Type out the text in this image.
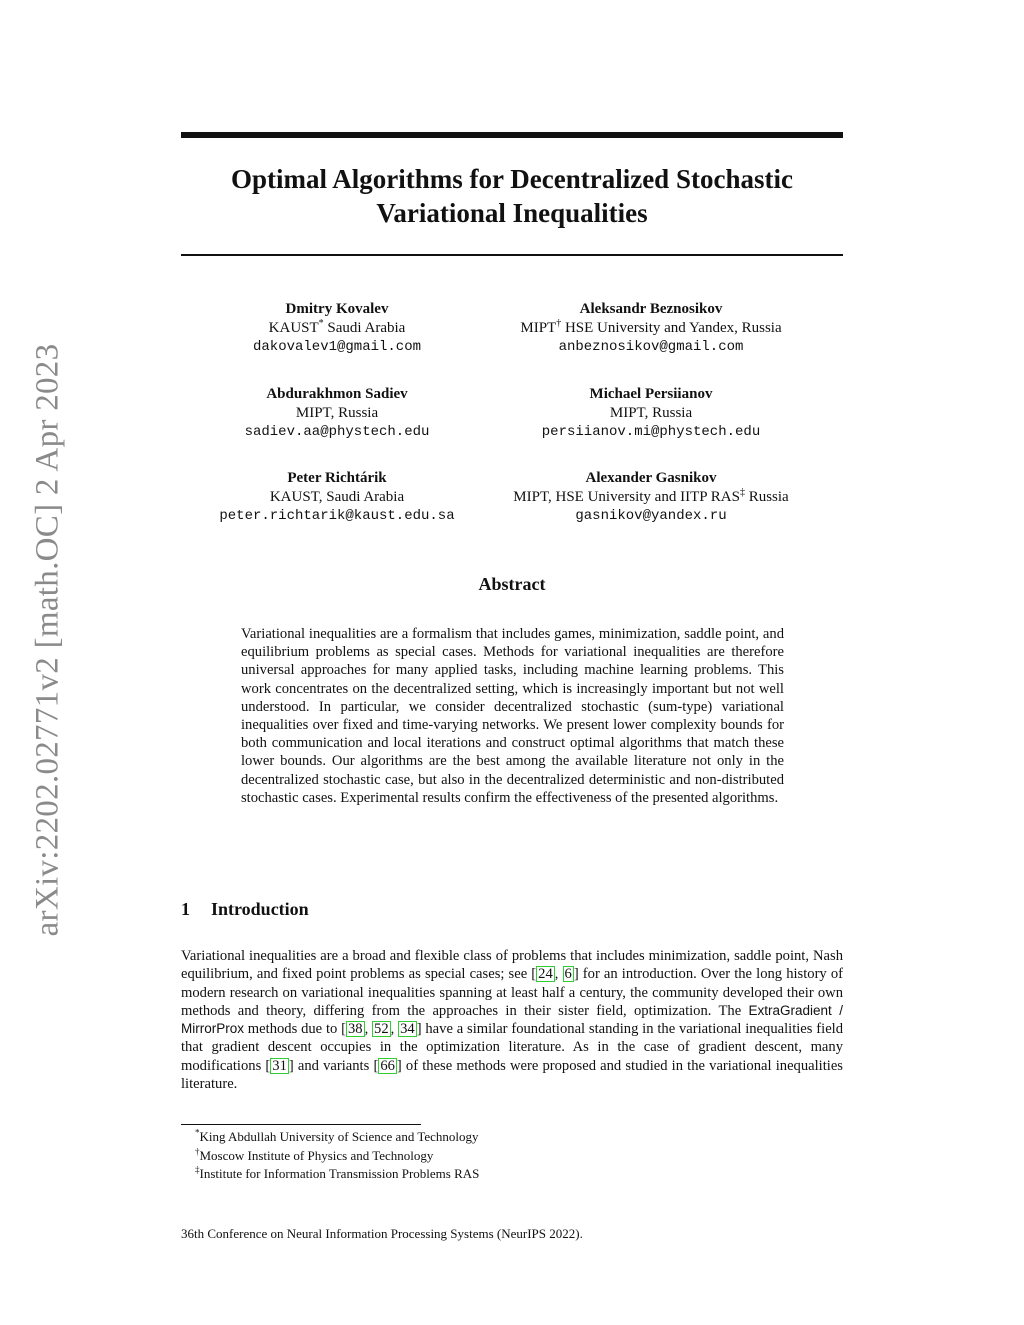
arXiv:2202.02771v2 [math.OC] 2 Apr 2023
Optimal Algorithms for Decentralized Stochastic
Variational Inequalities
Dmitry Kovalev
KAUST* Saudi Arabia
dakovalev1@gmail.com
Aleksandr Beznosikov
MIPT† HSE University and Yandex, Russia
anbeznosikov@gmail.com
Abdurakhmon Sadiev
MIPT, Russia
sadiev.aa@phystech.edu
Michael Persiianov
MIPT, Russia
persiianov.mi@phystech.edu
Peter Richtárik
KAUST, Saudi Arabia
peter.richtarik@kaust.edu.sa
Alexander Gasnikov
MIPT, HSE University and IITP RAS‡ Russia
gasnikov@yandex.ru
Abstract

Variational inequalities are a formalism that includes games, minimization, saddle point, and equilibrium problems as special cases. Methods for variational inequalities are therefore universal approaches for many applied tasks, including machine learning problems. This work concentrates on the decentralized setting, which is increasingly important but not well understood. In particular, we consider decentralized stochastic (sum-type) variational inequalities over fixed and time-varying networks. We present lower complexity bounds for both communication and local iterations and construct optimal algorithms that match these lower bounds. Our algorithms are the best among the available literature not only in the decentralized stochastic case, but also in the decentralized deterministic and non-distributed stochastic cases. Experimental results confirm the effectiveness of the presented algorithms.

1 Introduction

Variational inequalities are a broad and flexible class of problems that includes minimization, saddle point, Nash equilibrium, and fixed point problems as special cases; see [ 24 , 6 ] for an introduction. Over the long history of modern research on variational inequalities spanning at least half a century, the community developed their own methods and theory, differing from the approaches in their sister field, optimization. The ExtraGradient / MirrorProx methods due to [ 38 , 52 , 34 ] have a similar foundational standing in the variational inequalities field that gradient descent occupies in the optimization literature. As in the case of gradient descent, many modifications [ 31 ] and variants [ 66 ] of these methods were proposed and studied in the variational inequalities literature.

*King Abdullah University of Science and Technology
†Moscow Institute of Physics and Technology
‡Institute for Information Transmission Problems RAS
36th Conference on Neural Information Processing Systems (NeurIPS 2022).
